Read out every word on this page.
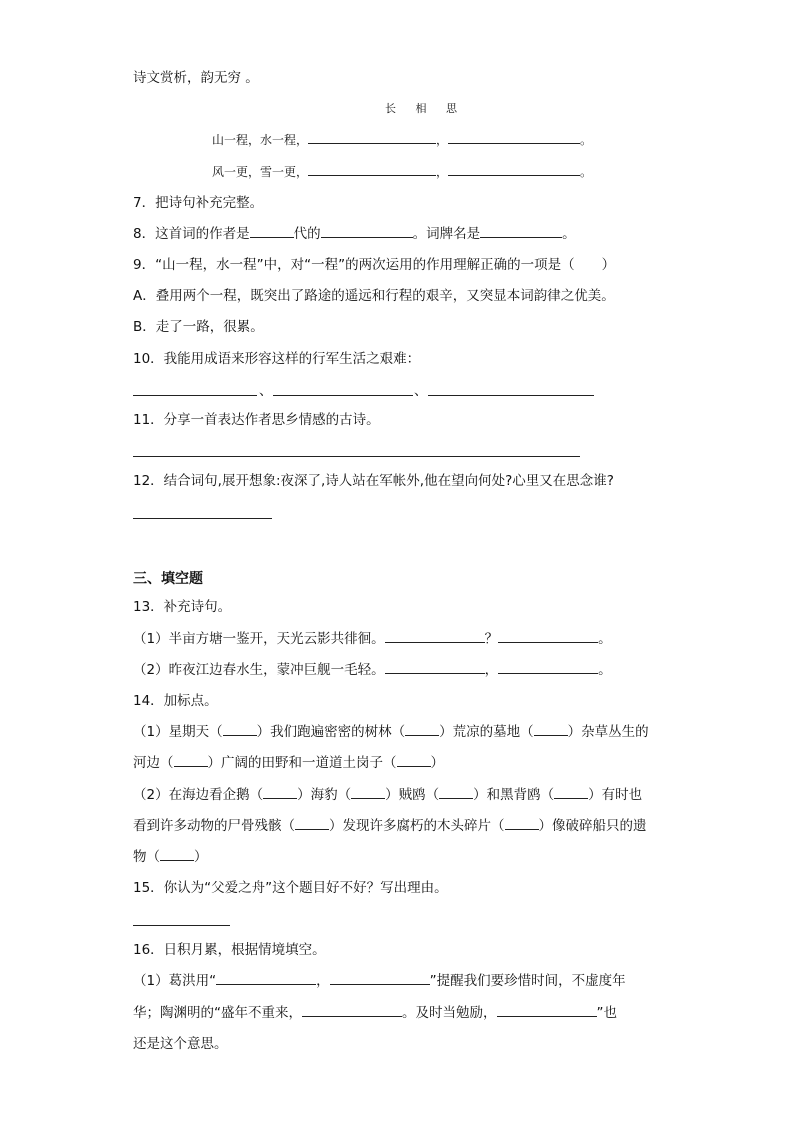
诗文赏析，韵无穷 。
长 相 思
山一程，水一程，	，	。
风一更，雪一更，	，	。
7．把诗句补充完整。
8．这首词的作者是	代的	。词牌名是	。
9．“山一程，水一程”中，对“一程”的两次运用的作用理解正确的一项是（　　）
A．叠用两个一程，既突出了路途的遥远和行程的艰辛，又突显本词韵律之优美。
B．走了一路，很累。
10．我能用成语来形容这样的行军生活之艰难：
、	、
11．分享一首表达作者思乡情感的古诗。
12．结合词句,展开想象:夜深了,诗人站在军帐外,他在望向何处?心里又在思念谁?
三、填空题
13．补充诗句。
（1）半亩方塘一鉴开，天光云影共徘徊。	？	。
（2）昨夜江边春水生，蒙冲巨舰一毛轻。	，	。
14．加标点。
（1）星期天（	）我们跑遍密密的树林（	）荒凉的墓地（	）杂草丛生的
河边（	）广阔的田野和一道道土岗子（	）
（2）在海边看企鹅（	）海豹（	）贼鸥（	）和黑背鸥（	）有时也
看到许多动物的尸骨残骸（	）发现许多腐朽的木头碎片（	）像破碎船只的遗
物（	）
15．你认为“父爱之舟”这个题目好不好？写出理由。
16．日积月累，根据情境填空。
（1）葛洪用“	，	”提醒我们要珍惜时间，不虚度年
华；陶渊明的“盛年不重来，	。及时当勉励，	”也
还是这个意思。
